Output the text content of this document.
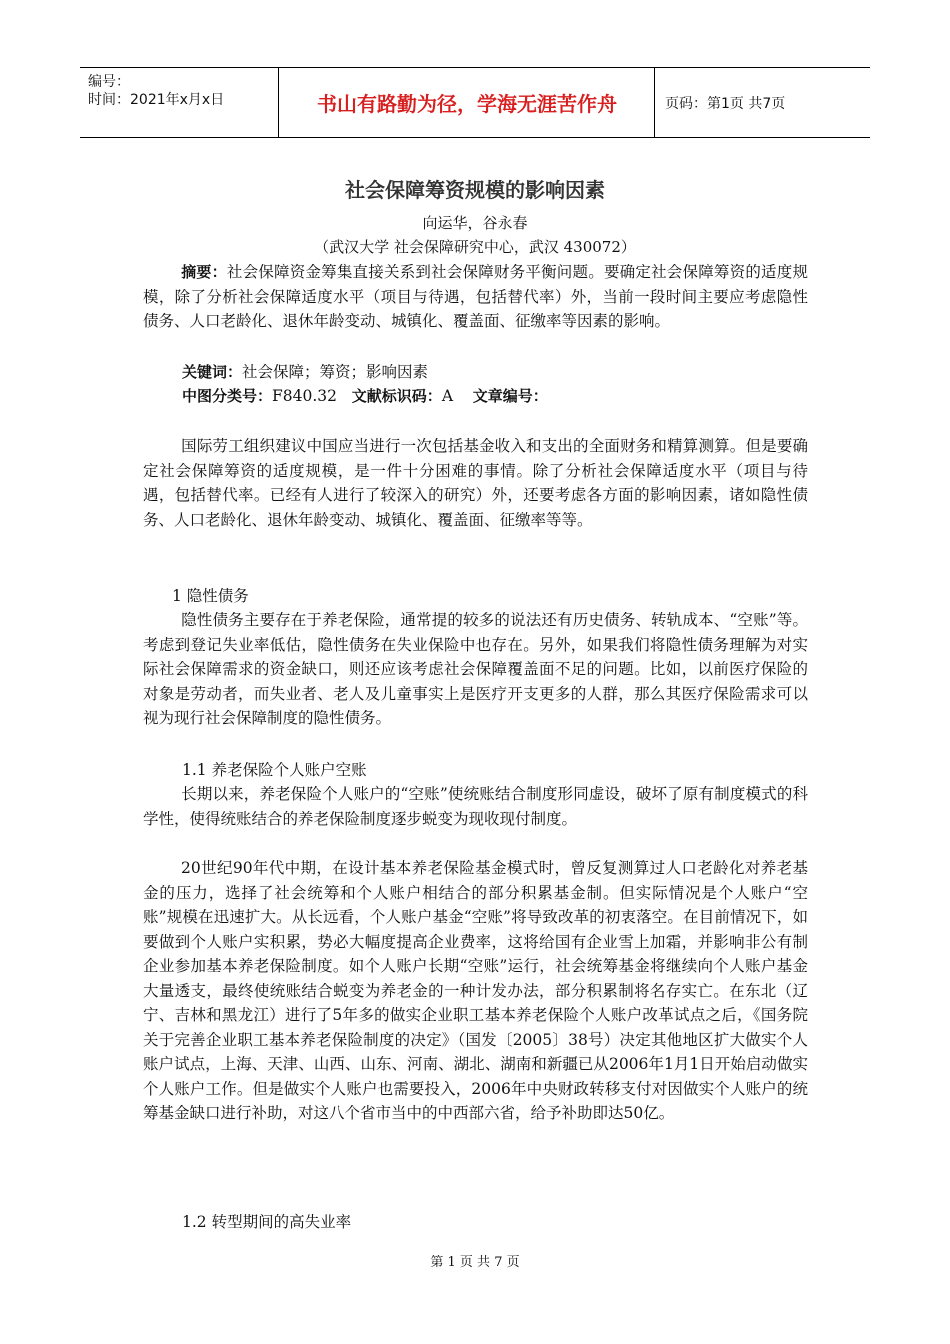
编号：
时间：2021年x月x日	书山有路勤为径，学海无涯苦作舟	页码：第1页 共7页
社会保障筹资规模的影响因素
向运华，谷永春
（武汉大学 社会保障研究中心，武汉 430072）

摘要：社会保障资金筹集直接关系到社会保障财务平衡问题。要确定社会保障筹资的适度规模，除了分析社会保障适度水平（项目与待遇，包括替代率）外，当前一段时间主要应考虑隐性债务、人口老龄化、退休年龄变动、城镇化、覆盖面、征缴率等因素的影响。

关键词：社会保障；筹资；影响因素
中图分类号：F840.32 文献标识码：A 文章编号：

国际劳工组织建议中国应当进行一次包括基金收入和支出的全面财务和精算测算。但是要确定社会保障筹资的适度规模，是一件十分困难的事情。除了分析社会保障适度水平（项目与待遇，包括替代率。已经有人进行了较深入的研究）外，还要考虑各方面的影响因素，诸如隐性债务、人口老龄化、退休年龄变动、城镇化、覆盖面、征缴率等等。

1 隐性债务

隐性债务主要存在于养老保险，通常提的较多的说法还有历史债务、转轨成本、“空账”等。考虑到登记失业率低估，隐性债务在失业保险中也存在。另外，如果我们将隐性债务理解为对实际社会保障需求的资金缺口，则还应该考虑社会保障覆盖面不足的问题。比如，以前医疗保险的对象是劳动者，而失业者、老人及儿童事实上是医疗开支更多的人群，那么其医疗保险需求可以视为现行社会保障制度的隐性债务。

1.1 养老保险个人账户空账

长期以来，养老保险个人账户的“空账”使统账结合制度形同虚设，破坏了原有制度模式的科学性，使得统账结合的养老保险制度逐步蜕变为现收现付制度。

20世纪90年代中期，在设计基本养老保险基金模式时，曾反复测算过人口老龄化对养老基金的压力，选择了社会统筹和个人账户相结合的部分积累基金制。但实际情况是个人账户“空账”规模在迅速扩大。从长远看，个人账户基金“空账”将导致改革的初衷落空。在目前情况下，如要做到个人账户实积累，势必大幅度提高企业费率，这将给国有企业雪上加霜，并影响非公有制企业参加基本养老保险制度。如个人账户长期“空账”运行，社会统筹基金将继续向个人账户基金大量透支，最终使统账结合蜕变为养老金的一种计发办法，部分积累制将名存实亡。在东北（辽宁、吉林和黑龙江）进行了5年多的做实企业职工基本养老保险个人账户改革试点之后，《国务院关于完善企业职工基本养老保险制度的决定》（国发〔2005〕38号）决定其他地区扩大做实个人账户试点，上海、天津、山西、山东、河南、湖北、湖南和新疆已从2006年1月1日开始启动做实个人账户工作。但是做实个人账户也需要投入，2006年中央财政转移支付对因做实个人账户的统筹基金缺口进行补助，对这八个省市当中的中西部六省，给予补助即达50亿。

1.2 转型期间的高失业率
第 1 页 共 7 页
